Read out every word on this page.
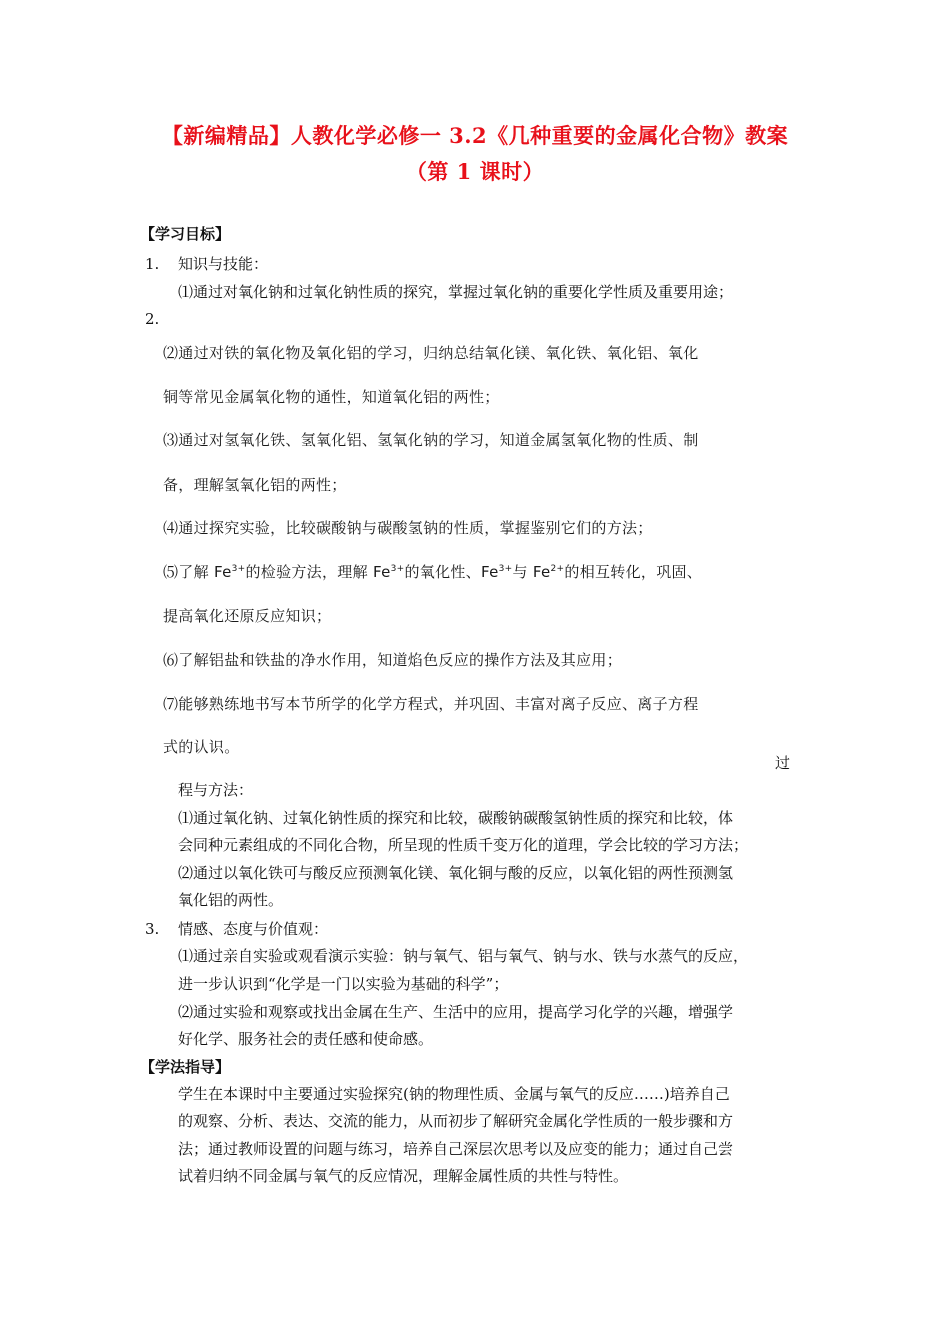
【新编精品】人教化学必修一 3.2《几种重要的金属化合物》教案
（第 1 课时）
【学习目标】
1. 知识与技能：
⑴通过对氧化钠和过氧化钠性质的探究，掌握过氧化钠的重要化学性质及重要用途；
2.
⑵通过对铁的氧化物及氧化铝的学习，归纳总结氧化镁、氧化铁、氧化铝、氧化
铜等常见金属氧化物的通性，知道氧化铝的两性；
⑶通过对氢氧化铁、氢氧化铝、氢氧化钠的学习，知道金属氢氧化物的性质、制
备，理解氢氧化铝的两性；
⑷通过探究实验，比较碳酸钠与碳酸氢钠的性质，掌握鉴别它们的方法；
⑸了解 $Fe^{3+}$的检验方法，理解 $Fe^{3+}$的氧化性、$Fe^{3+}$与 $Fe^{2+}$的相互转化，巩固、
提高氧化还原反应知识；
⑹了解铝盐和铁盐的净水作用，知道焰色反应的操作方法及其应用；
⑺能够熟练地书写本节所学的化学方程式，并巩固、丰富对离子反应、离子方程
式的认识。
过
程与方法：
⑴通过氧化钠、过氧化钠性质的探究和比较，碳酸钠碳酸氢钠性质的探究和比较，体
会同种元素组成的不同化合物，所呈现的性质千变万化的道理，学会比较的学习方法；
⑵通过以氧化铁可与酸反应预测氧化镁、氧化铜与酸的反应，以氧化铝的两性预测氢
氧化铝的两性。
3. 情感、态度与价值观：
⑴通过亲自实验或观看演示实验：钠与氧气、铝与氧气、钠与水、铁与水蒸气的反应，
进一步认识到“化学是一门以实验为基础的科学”；
⑵通过实验和观察或找出金属在生产、生活中的应用，提高学习化学的兴趣，增强学
好化学、服务社会的责任感和使命感。
【学法指导】
学生在本课时中主要通过实验探究(钠的物理性质、金属与氧气的反应……)培养自己
的观察、分析、表达、交流的能力，从而初步了解研究金属化学性质的一般步骤和方
法；通过教师设置的问题与练习，培养自己深层次思考以及应变的能力；通过自己尝
试着归纳不同金属与氧气的反应情况，理解金属性质的共性与特性。
